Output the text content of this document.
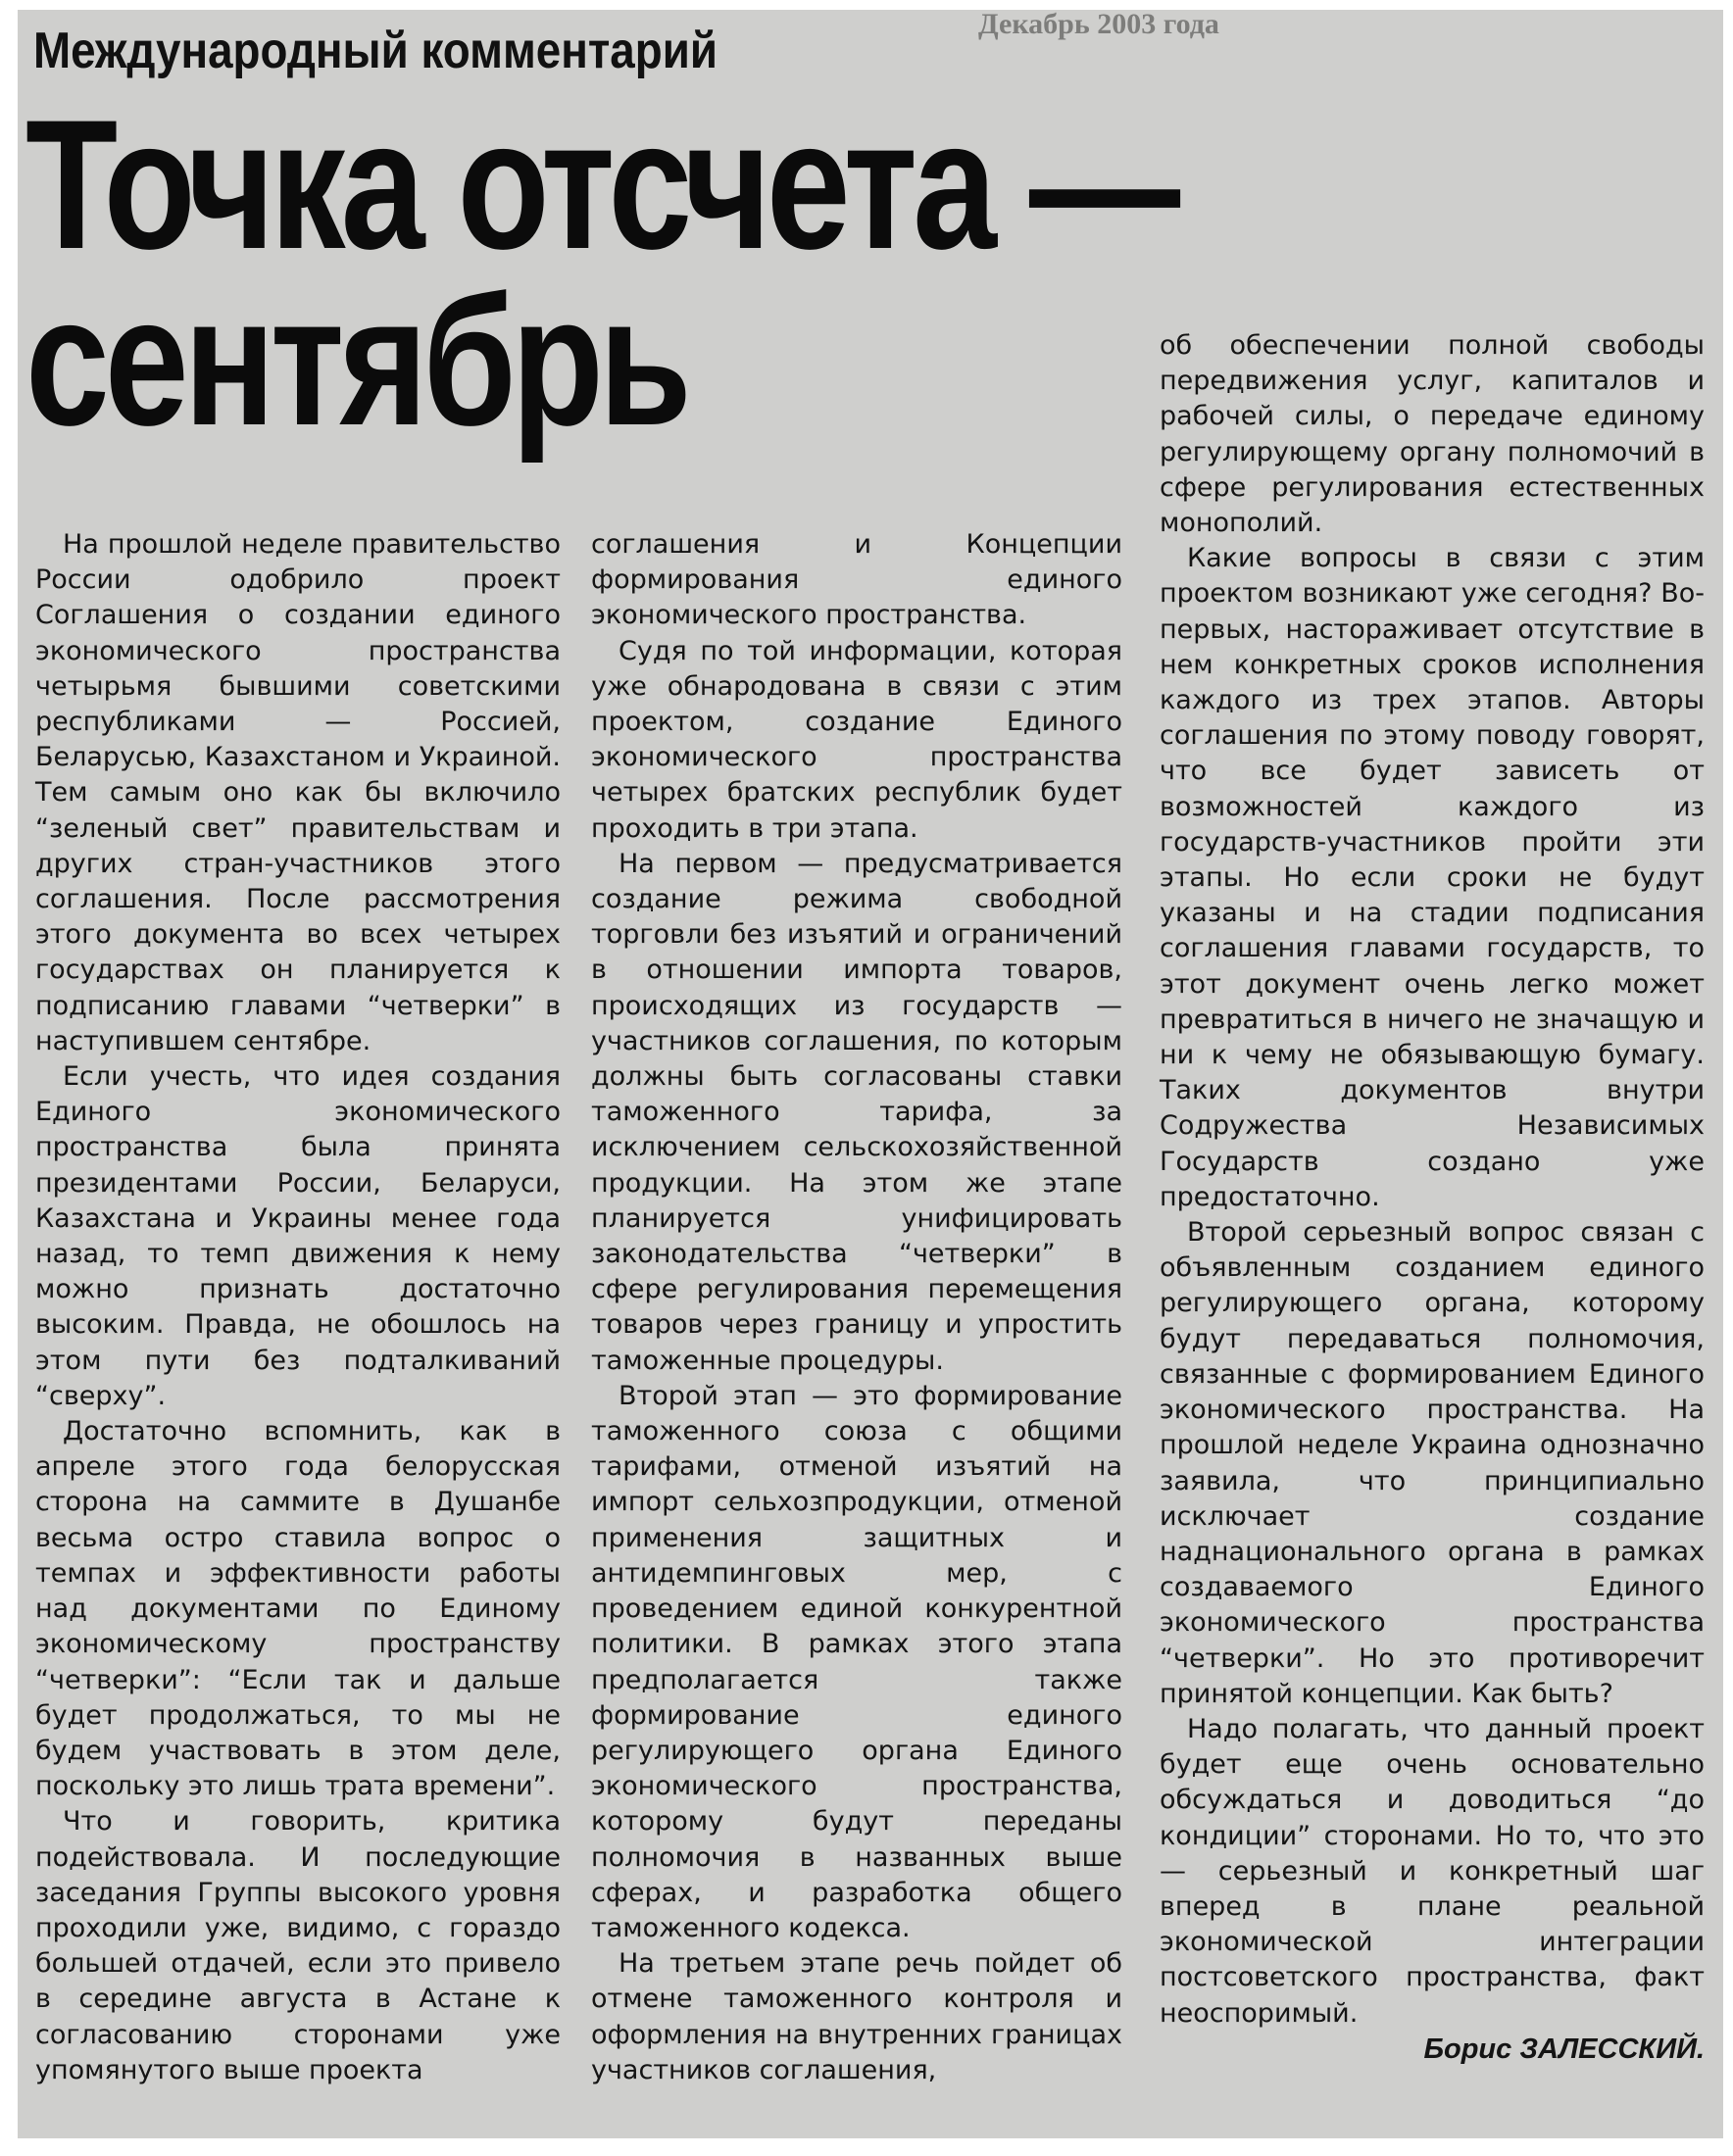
Декабрь 2003 года
Международный комментарий
Точка отсчета —
сентябрь

На прошлой неделе правительство России одобрило проект Соглашения о создании единого экономического пространства четырьмя бывшими советскими республиками — Россией, Беларусью, Казахстаном и Украиной. Тем самым оно как бы включило “зеленый свет” правительствам и других стран-участников этого соглашения. После рассмотрения этого документа во всех четырех государствах он планируется к подписанию главами “четверки” в наступившем сентябре.

Если учесть, что идея создания Единого экономического пространства была принята президентами России, Беларуси, Казахстана и Украины менее года назад, то темп движения к нему можно признать достаточно высоким. Правда, не обошлось на этом пути без подталкиваний “сверху”.

Достаточно вспомнить, как в апреле этого года белорусская сторона на саммите в Душанбе весьма остро ставила вопрос о темпах и эффективности работы над документами по Единому экономическому пространству “четверки”: “Если так и дальше будет продолжаться, то мы не будем участвовать в этом деле, поскольку это лишь трата времени”.

Что и говорить, критика подействовала. И последующие заседания Группы высокого уровня проходили уже, видимо, с гораздо большей отдачей, если это привело в середине августа в Астане к согласованию сторонами уже упомянутого выше проекта

соглашения и Концепции формирования единого экономического пространства.

Судя по той информации, которая уже обнародована в связи с этим проектом, создание Единого экономического пространства четырех братских республик будет проходить в три этапа.

На первом — предусматривается создание режима свободной торговли без изъятий и ограничений в отношении импорта товаров, происходящих из государств — участников соглашения, по которым должны быть согласованы ставки таможенного тарифа, за исключением сельскохозяйственной продукции. На этом же этапе планируется унифицировать законодательства “четверки” в сфере регулирования перемещения товаров через границу и упростить таможенные процедуры.

Второй этап — это формирование таможенного союза с общими тарифами, отменой изъятий на импорт сельхозпродукции, отменой применения защитных и антидемпинговых мер, с проведением единой конкурентной политики. В рамках этого этапа предполагается также формирование единого регулирующего органа Единого экономического пространства, которому будут переданы полномочия в названных выше сферах, и разработка общего таможенного кодекса.

На третьем этапе речь пойдет об отмене таможенного контроля и оформления на внутренних границах участников соглашения,

об обеспечении полной свободы передвижения услуг, капиталов и рабочей силы, о передаче единому регулирующему органу полномочий в сфере регулирования естественных монополий.

Какие вопросы в связи с этим проектом возникают уже сегодня? Во-первых, настораживает отсутствие в нем конкретных сроков исполнения каждого из трех этапов. Авторы соглашения по этому поводу говорят, что все будет зависеть от возможностей каждого из государств-участников пройти эти этапы. Но если сроки не будут указаны и на стадии подписания соглашения главами государств, то этот документ очень легко может превратиться в ничего не значащую и ни к чему не обязывающую бумагу. Таких документов внутри Содружества Независимых Государств создано уже предостаточно.

Второй серьезный вопрос связан с объявленным созданием единого регулирующего органа, которому будут передаваться полномочия, связанные с формированием Единого экономического пространства. На прошлой неделе Украина однозначно заявила, что принципиально исключает создание наднационального органа в рамках создаваемого Единого экономического пространства “четверки”. Но это противоречит принятой концепции. Как быть?

Надо полагать, что данный проект будет еще очень основательно обсуждаться и доводиться “до кондиции” сторонами. Но то, что это — серьезный и конкретный шаг вперед в плане реальной экономической интеграции постсоветского пространства, факт неоспоримый.

Борис ЗАЛЕССКИЙ.
